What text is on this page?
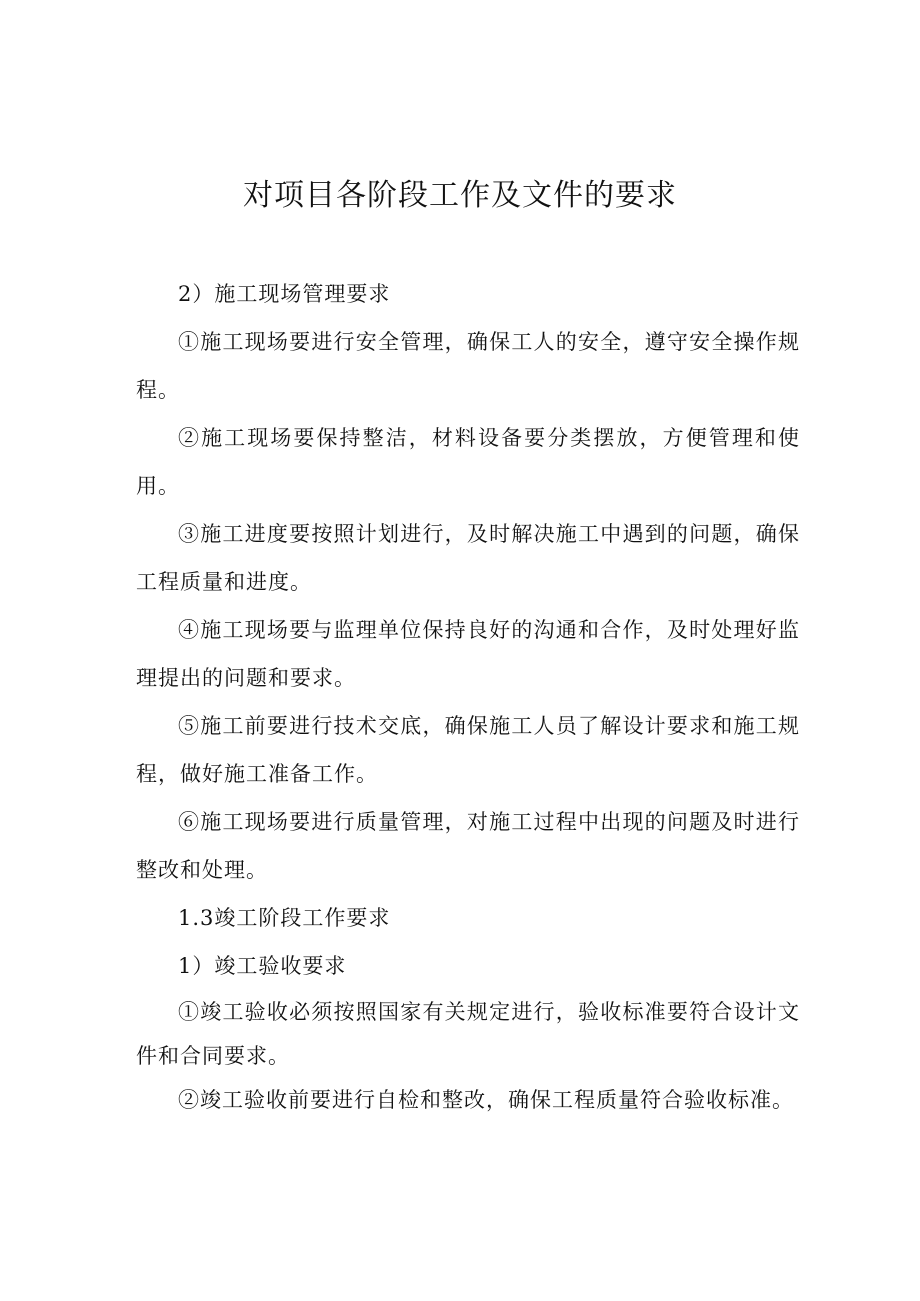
对项目各阶段工作及文件的要求

2）施工现场管理要求

①施工现场要进行安全管理，确保工人的安全，遵守安全操作规程。

②施工现场要保持整洁，材料设备要分类摆放，方便管理和使用。

③施工进度要按照计划进行，及时解决施工中遇到的问题，确保工程质量和进度。

④施工现场要与监理单位保持良好的沟通和合作，及时处理好监理提出的问题和要求。

⑤施工前要进行技术交底，确保施工人员了解设计要求和施工规程，做好施工准备工作。

⑥施工现场要进行质量管理，对施工过程中出现的问题及时进行整改和处理。

1.3竣工阶段工作要求

1）竣工验收要求

①竣工验收必须按照国家有关规定进行，验收标准要符合设计文件和合同要求。

②竣工验收前要进行自检和整改，确保工程质量符合验收标准。
